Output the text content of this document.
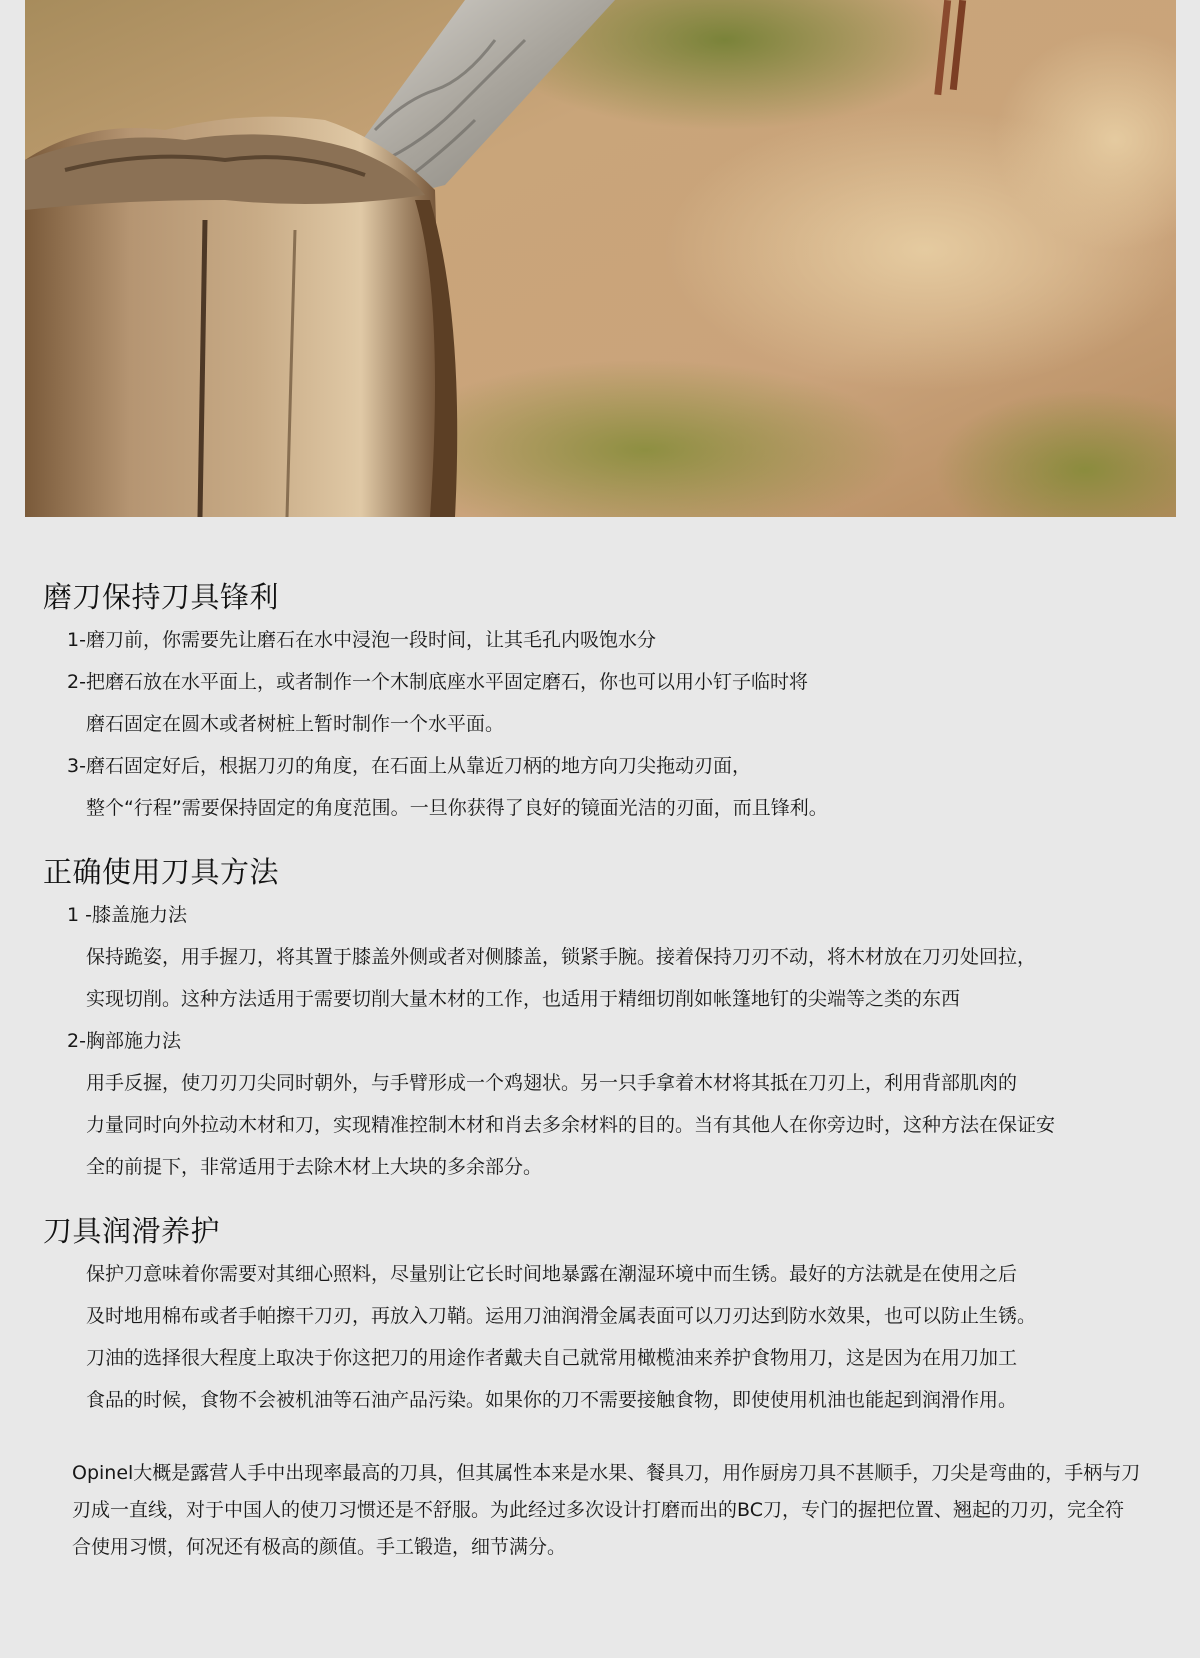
磨刀保持刀具锋利

1-磨刀前，你需要先让磨石在水中浸泡一段时间，让其毛孔内吸饱水分

2-把磨石放在水平面上，或者制作一个木制底座水平固定磨石，你也可以用小钉子临时将

磨石固定在圆木或者树桩上暂时制作一个水平面。

3-磨石固定好后，根据刀刃的角度，在石面上从靠近刀柄的地方向刀尖拖动刃面，

整个“行程”需要保持固定的角度范围。一旦你获得了良好的镜面光洁的刃面，而且锋利。

正确使用刀具方法

1 -膝盖施力法

保持跪姿，用手握刀，将其置于膝盖外侧或者对侧膝盖，锁紧手腕。接着保持刀刃不动，将木材放在刀刃处回拉，

实现切削。这种方法适用于需要切削大量木材的工作，也适用于精细切削如帐篷地钉的尖端等之类的东西

2-胸部施力法

用手反握，使刀刃刀尖同时朝外，与手臂形成一个鸡翅状。另一只手拿着木材将其抵在刀刃上，利用背部肌肉的

力量同时向外拉动木材和刀，实现精准控制木材和肖去多余材料的目的。当有其他人在你旁边时，这种方法在保证安

全的前提下，非常适用于去除木材上大块的多余部分。

刀具润滑养护

保护刀意味着你需要对其细心照料，尽量别让它长时间地暴露在潮湿环境中而生锈。最好的方法就是在使用之后

及时地用棉布或者手帕擦干刀刃，再放入刀鞘。运用刀油润滑金属表面可以刀刃达到防水效果，也可以防止生锈。

刀油的选择很大程度上取决于你这把刀的用途作者戴夫自己就常用橄榄油来养护食物用刀，这是因为在用刀加工

食品的时候，食物不会被机油等石油产品污染。如果你的刀不需要接触食物，即使使用机油也能起到润滑作用。

Opinel大概是露营人手中出现率最高的刀具，但其属性本来是水果、餐具刀，用作厨房刀具不甚顺手，刀尖是弯曲的，手柄与刀刃成一直线，对于中国人的使刀习惯还是不舒服。为此经过多次设计打磨而出的BC刀，专门的握把位置、翘起的刀刃，完全符合使用习惯，何况还有极高的颜值。手工锻造，细节满分。
